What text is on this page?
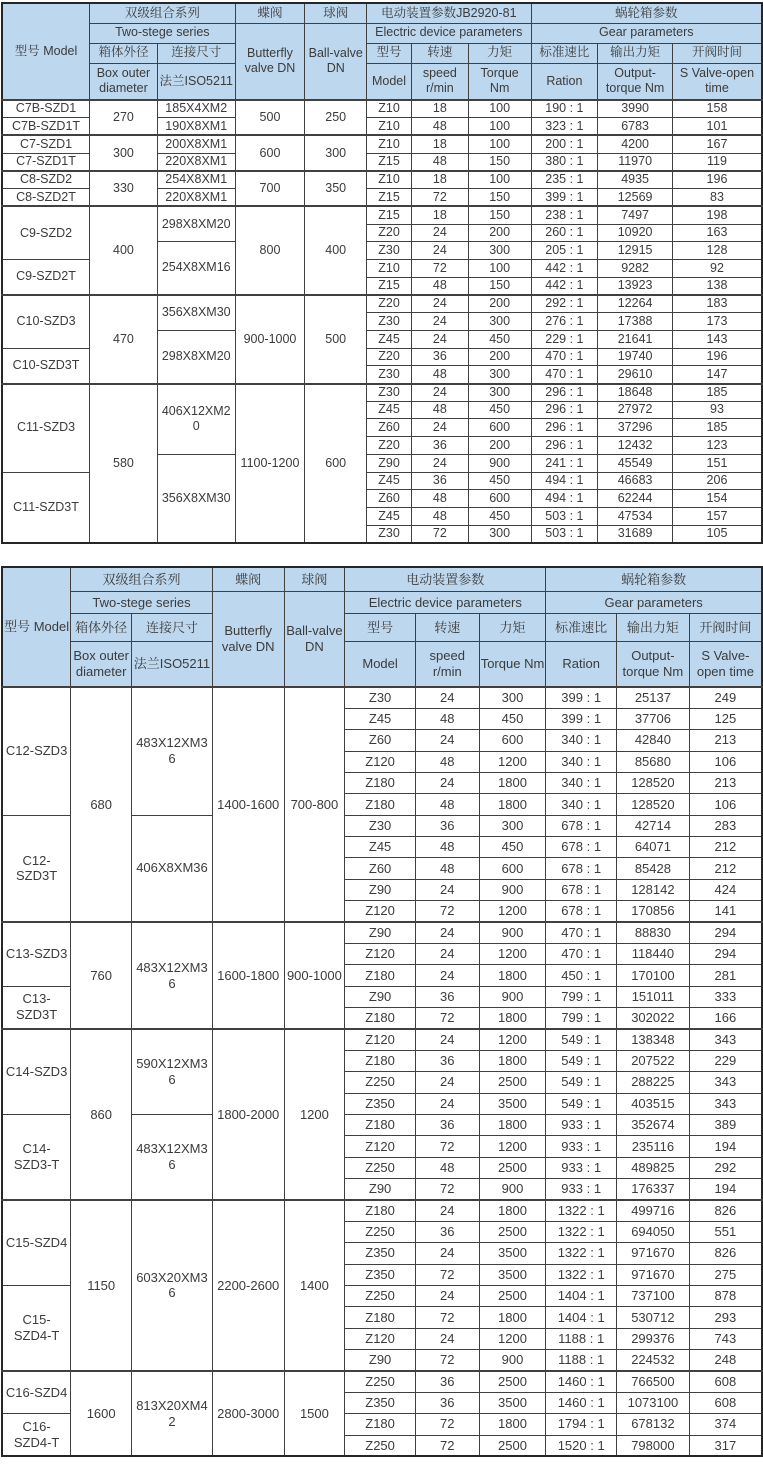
型号 Model	双级组合系列		蝶阀	球阀	电动装置参数JB2920-81			蜗轮箱参数		
	Two-stege series		Butterfly valve DN	Ball-valve DN	Electric device parameters			Gear parameters		
	箱体外径	连接尺寸			型号	转速	力矩	标准速比	输出力矩	开阀时间
	Box outer diameter	法兰ISO5211			Model	speed r/min	Torque Nm	Ration	Output-torque Nm	S Valve-open time
C7B-SZD1	270	185X4XM2	500	250	Z10	18	100	190 : 1	3990	158
C7B-SZD1T		190X8XM1			Z10	48	100	323 : 1	6783	101
C7-SZD1	300	200X8XM1	600	300	Z10	18	100	200 : 1	4200	167
C7-SZD1T		220X8XM1			Z15	48	150	380 : 1	11970	119
C8-SZD2	330	254X8XM1	700	350	Z10	18	100	235 : 1	4935	196
C8-SZD2T		220X8XM1			Z15	72	150	399 : 1	12569	83
C9-SZD2	400	298X8XM20	800	400	Z15	18	150	238 : 1	7497	198
					Z20	24	200	260 : 1	10920	163
		254X8XM16			Z30	24	300	205 : 1	12915	128
C9-SZD2T					Z10	72	100	442 : 1	9282	92
					Z15	48	150	442 : 1	13923	138
C10-SZD3	470	356X8XM30	900-1000	500	Z20	24	200	292 : 1	12264	183
					Z30	24	300	276 : 1	17388	173
		298X8XM20			Z45	24	450	229 : 1	21641	143
C10-SZD3T					Z20	36	200	470 : 1	19740	196
					Z30	48	300	470 : 1	29610	147
C11-SZD3	580	406X12XM20	1100-1200	600	Z30	24	300	296 : 1	18648	185
					Z45	48	450	296 : 1	27972	93
					Z60	24	600	296 : 1	37296	185
					Z20	36	200	296 : 1	12432	123
		356X8XM30			Z90	24	900	241 : 1	45549	151
C11-SZD3T					Z45	36	450	494 : 1	46683	206
					Z60	48	600	494 : 1	62244	154
					Z45	48	450	503 : 1	47534	157
					Z30	72	300	503 : 1	31689	105
型号 Model	双级组合系列		蝶阀	球阀	电动装置参数			蜗轮箱参数		
	Two-stege series		Butterfly valve DN	Ball-valve DN	Electric device parameters			Gear parameters		
	箱体外径	连接尺寸			型号	转速	力矩	标准速比	输出力矩	开阀时间
	Box outer diameter	法兰ISO5211			Model	speed r/min	Torque Nm	Ration	Output-torque Nm	S Valve-open time
C12-SZD3	680	483X12XM36	1400-1600	700-800	Z30	24	300	399 : 1	25137	249
					Z45	48	450	399 : 1	37706	125
					Z60	24	600	340 : 1	42840	213
					Z120	48	1200	340 : 1	85680	106
					Z180	24	1800	340 : 1	128520	213
					Z180	48	1800	340 : 1	128520	106
C12-SZD3T		406X8XM36			Z30	36	300	678 : 1	42714	283
					Z45	48	450	678 : 1	64071	212
					Z60	48	600	678 : 1	85428	212
					Z90	24	900	678 : 1	128142	424
					Z120	72	1200	678 : 1	170856	141
C13-SZD3	760	483X12XM36	1600-1800	900-1000	Z90	24	900	470 : 1	88830	294
					Z120	24	1200	470 : 1	118440	294
					Z180	24	1800	450 : 1	170100	281
C13-SZD3T					Z90	36	900	799 : 1	151011	333
					Z180	72	1800	799 : 1	302022	166
C14-SZD3	860	590X12XM36	1800-2000	1200	Z120	24	1200	549 : 1	138348	343
					Z180	36	1800	549 : 1	207522	229
					Z250	24	2500	549 : 1	288225	343
					Z350	24	3500	549 : 1	403515	343
C14-SZD3-T		483X12XM36			Z180	36	1800	933 : 1	352674	389
					Z120	72	1200	933 : 1	235116	194
					Z250	48	2500	933 : 1	489825	292
					Z90	72	900	933 : 1	176337	194
C15-SZD4	1150	603X20XM36	2200-2600	1400	Z180	24	1800	1322 : 1	499716	826
					Z250	36	2500	1322 : 1	694050	551
					Z350	24	3500	1322 : 1	971670	826
					Z350	72	3500	1322 : 1	971670	275
C15-SZD4-T					Z250	24	2500	1404 : 1	737100	878
					Z180	72	1800	1404 : 1	530712	293
					Z120	24	1200	1188 : 1	299376	743
					Z90	72	900	1188 : 1	224532	248
C16-SZD4	1600	813X20XM42	2800-3000	1500	Z250	36	2500	1460 : 1	766500	608
					Z350	36	3500	1460 : 1	1073100	608
C16-SZD4-T					Z180	72	1800	1794 : 1	678132	374
					Z250	72	2500	1520 : 1	798000	317
